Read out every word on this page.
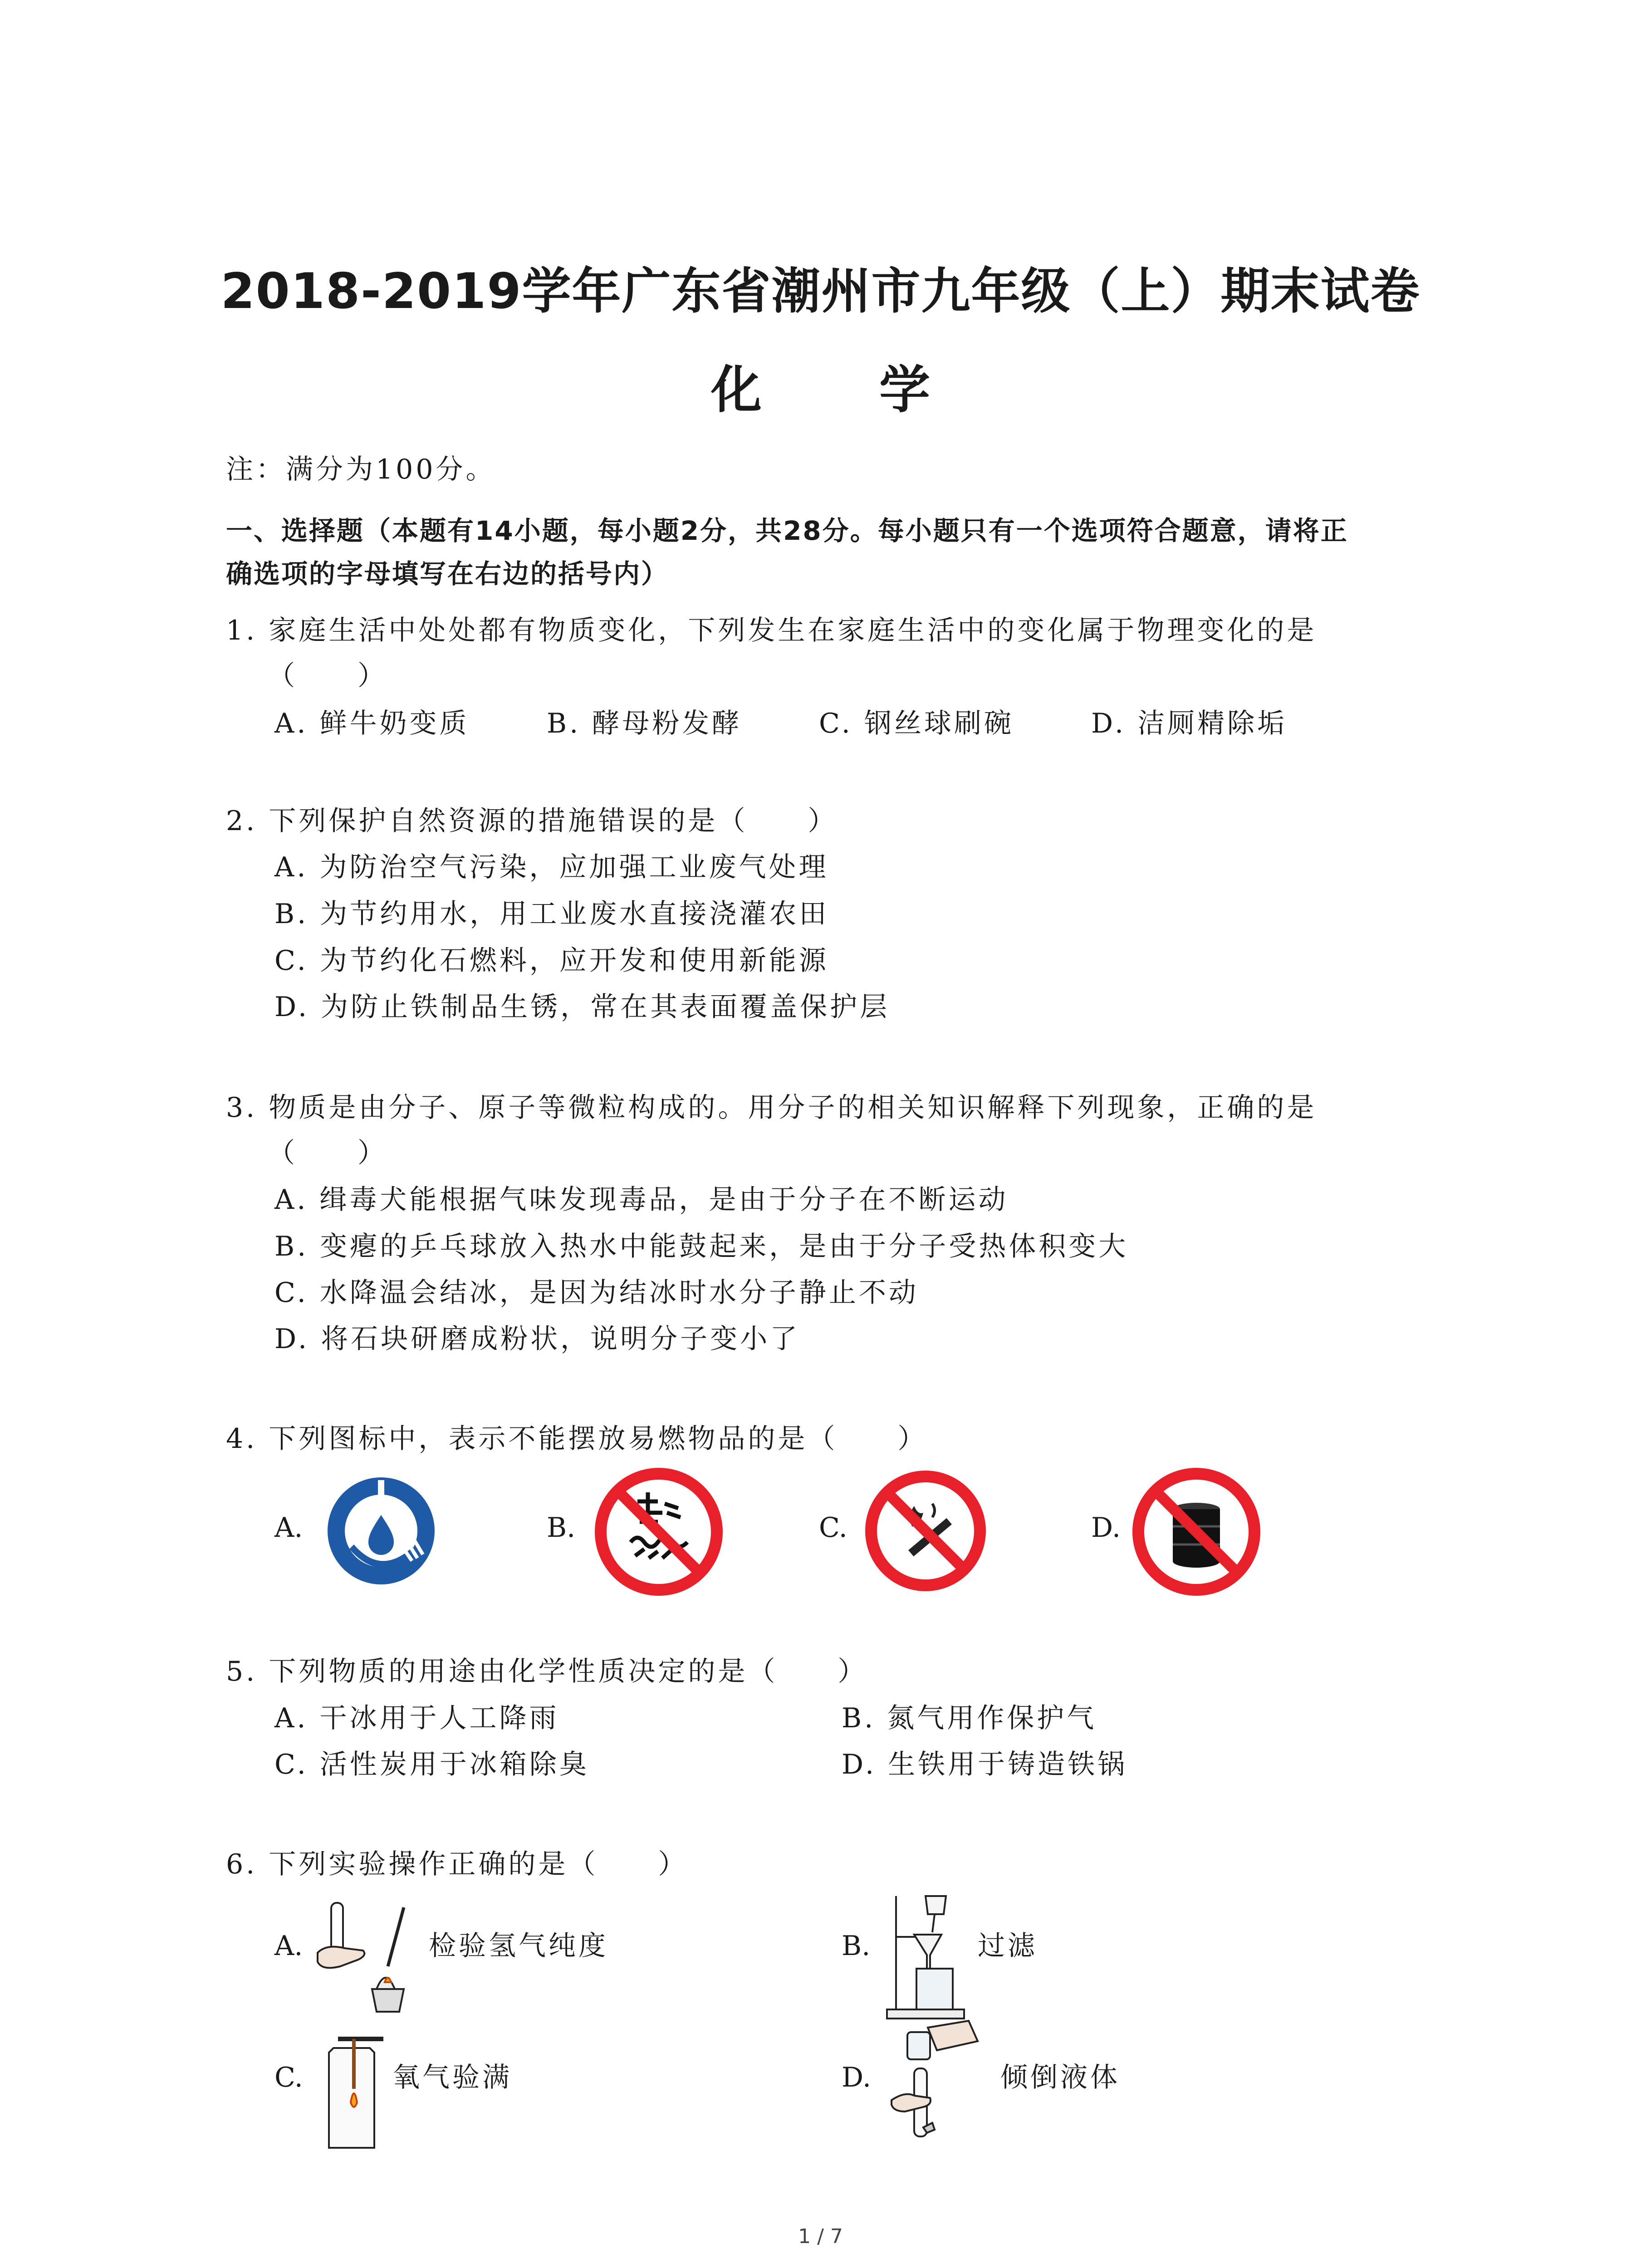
2018-2019学年广东省潮州市九年级（上）期末试卷
化 学
注：满分为100分。
一、选择题（本题有14小题，每小题2分，共28分。每小题只有一个选项符合题意，请将正
确选项的字母填写在右边的括号内）
1. 家庭生活中处处都有物质变化，下列发生在家庭生活中的变化属于物理变化的是
（　　）
A. 鲜牛奶变质	B. 酵母粉发酵	C. 钢丝球刷碗	D. 洁厕精除垢
2. 下列保护自然资源的措施错误的是（　　）
A. 为防治空气污染，应加强工业废气处理
B. 为节约用水，用工业废水直接浇灌农田
C. 为节约化石燃料，应开发和使用新能源
D. 为防止铁制品生锈，常在其表面覆盖保护层
3. 物质是由分子、原子等微粒构成的。用分子的相关知识解释下列现象，正确的是
（　　）
A. 缉毒犬能根据气味发现毒品，是由于分子在不断运动
B. 变瘪的乒乓球放入热水中能鼓起来，是由于分子受热体积变大
C. 水降温会结冰，是因为结冰时水分子静止不动
D. 将石块研磨成粉状，说明分子变小了
4. 下列图标中，表示不能摆放易燃物品的是（　　）
A.	B.	C.	D.
5. 下列物质的用途由化学性质决定的是（　　）
A. 干冰用于人工降雨	B. 氮气用作保护气
C. 活性炭用于冰箱除臭	D. 生铁用于铸造铁锅
6. 下列实验操作正确的是（　　）
A.	检验氢气纯度	B.	过滤
C.	氧气验满	D.	倾倒液体
1 / 7
